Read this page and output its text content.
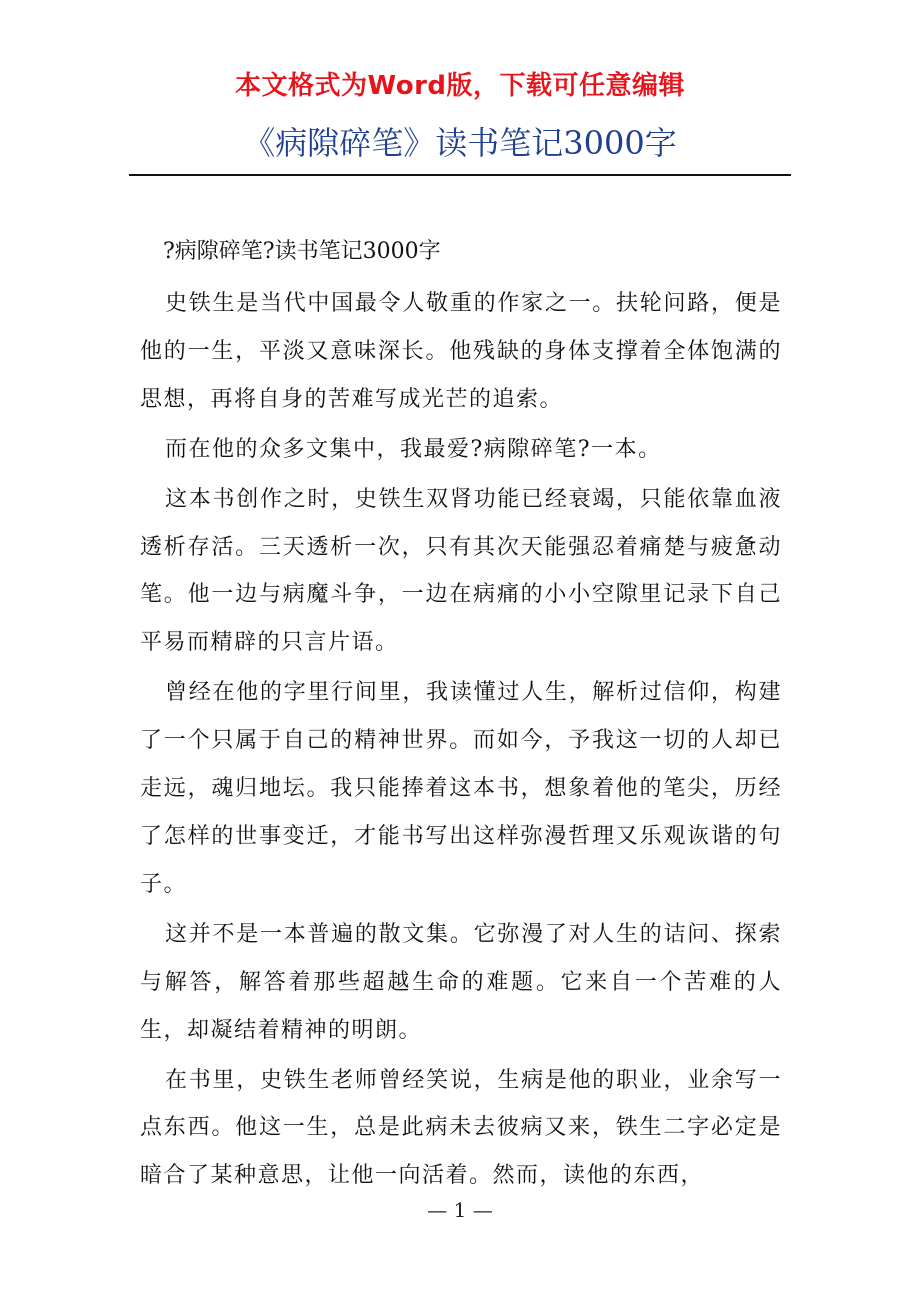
本文格式为Word版，下载可任意编辑
《病隙碎笔》读书笔记3000字

?病隙碎笔?读书笔记3000字

史铁生是当代中国最令人敬重的作家之一。扶轮问路，便是他的一生，平淡又意味深长。他残缺的身体支撑着全体饱满的思想，再将自身的苦难写成光芒的追索。

而在他的众多文集中，我最爱?病隙碎笔?一本。

这本书创作之时，史铁生双肾功能已经衰竭，只能依靠血液透析存活。三天透析一次，只有其次天能强忍着痛楚与疲惫动笔。他一边与病魔斗争，一边在病痛的小小空隙里记录下自己平易而精辟的只言片语。

曾经在他的字里行间里，我读懂过人生，解析过信仰，构建了一个只属于自己的精神世界。而如今，予我这一切的人却已走远，魂归地坛。我只能捧着这本书，想象着他的笔尖，历经了怎样的世事变迁，才能书写出这样弥漫哲理又乐观诙谐的句子。

这并不是一本普遍的散文集。它弥漫了对人生的诘问、探索与解答，解答着那些超越生命的难题。它来自一个苦难的人生，却凝结着精神的明朗。

在书里，史铁生老师曾经笑说，生病是他的职业，业余写一点东西。他这一生，总是此病未去彼病又来，铁生二字必定是暗合了某种意思，让他一向活着。然而，读他的东西，

— 1 —
